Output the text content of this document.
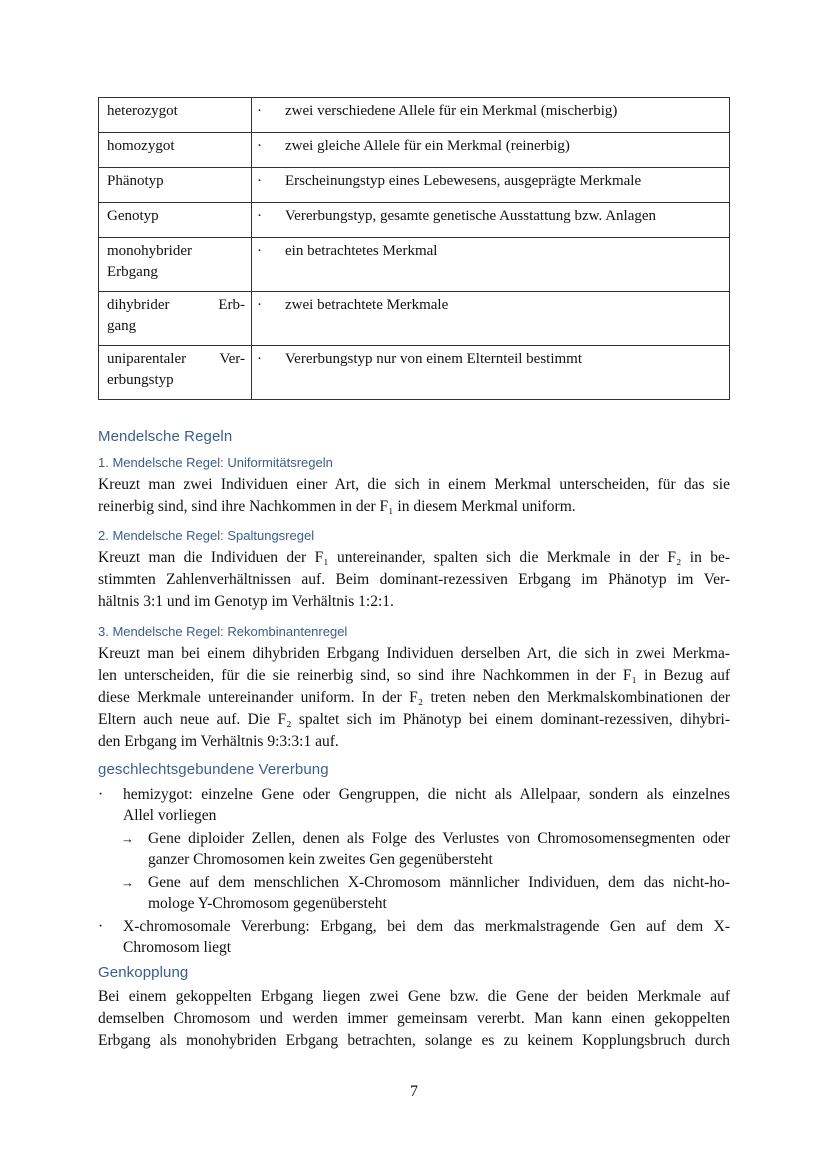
heterozygot	· zwei verschiedene Allele für ein Merkmal (mischerbig)
homozygot	· zwei gleiche Allele für ein Merkmal (reinerbig)
Phänotyp	· Erscheinungstyp eines Lebewesens, ausgeprägte Merkmale
Genotyp	· Vererbungstyp, gesamte genetische Ausstattung bzw. Anlagen

monohybrider
Erbgang	· ein betrachtetes Merkmal

dihybrider Erb-
gang	· zwei betrachtete Merkmale

uniparentaler Ver-
erbungstyp	· Vererbungstyp nur von einem Elternteil bestimmt
Mendelsche Regeln
1. Mendelsche Regel: Uniformitätsregeln
Kreuzt man zwei Individuen einer Art, die sich in einem Merkmal unterscheiden, für das sie
reinerbig sind, sind ihre Nachkommen in der F₁ in diesem Merkmal uniform.
2. Mendelsche Regel: Spaltungsregel
Kreuzt man die Individuen der F₁ untereinander, spalten sich die Merkmale in der F₂ in be-
stimmten Zahlenverhältnissen auf. Beim dominant-rezessiven Erbgang im Phänotyp im Ver-
hältnis 3:1 und im Genotyp im Verhältnis 1:2:1.
3. Mendelsche Regel: Rekombinantenregel
Kreuzt man bei einem dihybriden Erbgang Individuen derselben Art, die sich in zwei Merkma-
len unterscheiden, für die sie reinerbig sind, so sind ihre Nachkommen in der F₁ in Bezug auf
diese Merkmale untereinander uniform. In der F₂ treten neben den Merkmalskombinationen der
Eltern auch neue auf. Die F₂ spaltet sich im Phänotyp bei einem dominant-rezessiven, dihybri-
den Erbgang im Verhältnis 9:3:3:1 auf.
geschlechtsgebundene Vererbung
· hemizygot: einzelne Gene oder Gengruppen, die nicht als Allelpaar, sondern als einzelnes
Allel vorliegen
→ Gene diploider Zellen, denen als Folge des Verlustes von Chromosomensegmenten oder
ganzer Chromosomen kein zweites Gen gegenübersteht
→ Gene auf dem menschlichen X-Chromosom männlicher Individuen, dem das nicht-ho-
mologe Y-Chromosom gegenübersteht
· X-chromosomale Vererbung: Erbgang, bei dem das merkmalstragende Gen auf dem X-
Chromosom liegt
Genkopplung
Bei einem gekoppelten Erbgang liegen zwei Gene bzw. die Gene der beiden Merkmale auf
demselben Chromosom und werden immer gemeinsam vererbt. Man kann einen gekoppelten
Erbgang als monohybriden Erbgang betrachten, solange es zu keinem Kopplungsbruch durch
7
